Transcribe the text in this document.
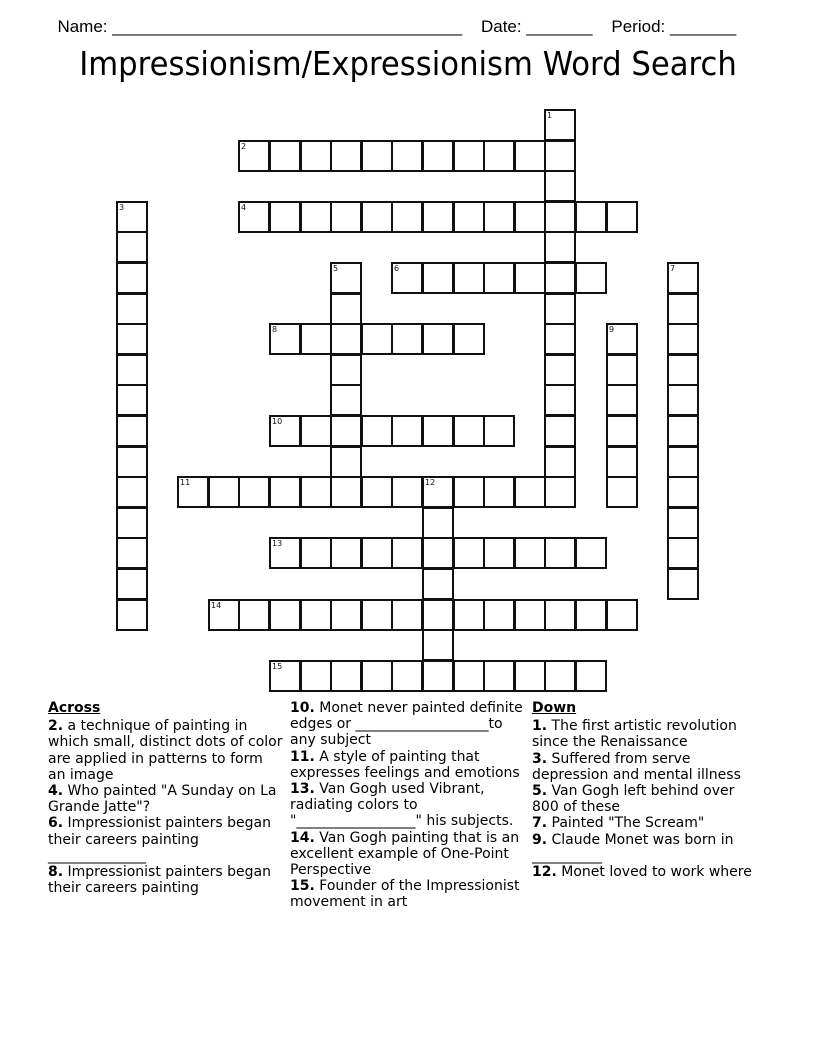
Name: _____________________________________    Date: _______    Period: _______

Impressionism/Expressionism Word Search
1
2
3	4
5	6	7
8	9
10
11	12
13
14
15
Across
2. a technique of painting in which small, distinct dots of color are applied in patterns to form an image
4. Who painted "A Sunday on La Grande Jatte"?
6. Impressionist painters began their careers painting ______________
8. Impressionist painters began their careers painting
10. Monet never painted definite edges or ___________________to any subject
11. A style of painting that expresses feelings and emotions
13. Van Gogh used Vibrant, radiating colors to "_________________" his subjects.
14. Van Gogh painting that is an excellent example of One-Point Perspective
15. Founder of the Impressionist movement in art
Down
1. The first artistic revolution since the Renaissance
3. Suffered from serve depression and mental illness
5. Van Gogh left behind over 800 of these
7. Painted "The Scream"
9. Claude Monet was born in __________
12. Monet loved to work where
